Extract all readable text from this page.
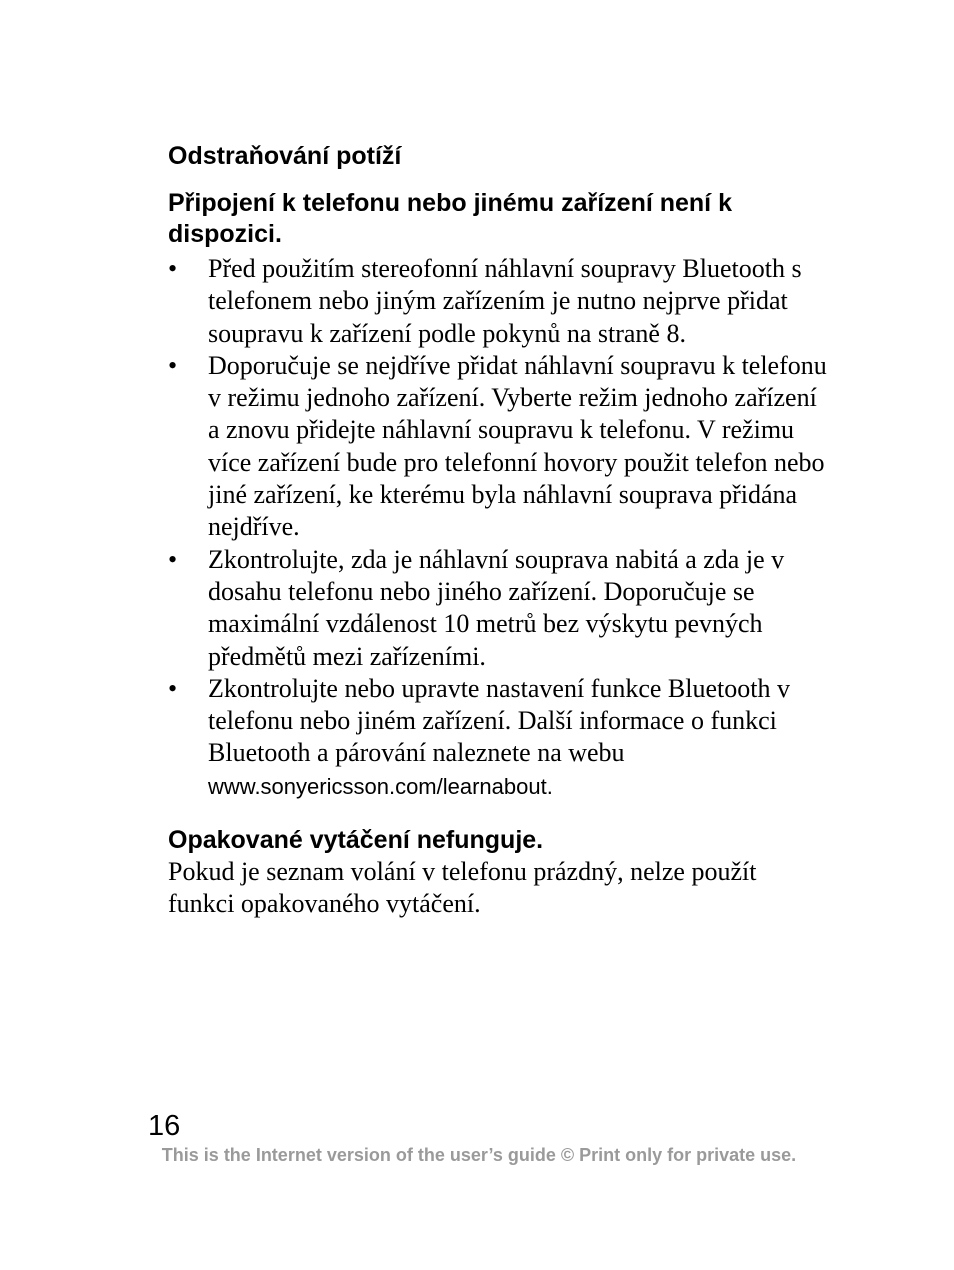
Odstraňování potíží
Připojení k telefonu nebo jinému zařízení není k dispozici.
• Před použitím stereofonní náhlavní soupravy Bluetooth s telefonem nebo jiným zařízením je nutno nejprve přidat soupravu k zařízení podle pokynů na straně 8.
• Doporučuje se nejdříve přidat náhlavní soupravu k telefonu v režimu jednoho zařízení. Vyberte režim jednoho zařízení a znovu přidejte náhlavní soupravu k telefonu. V režimu více zařízení bude pro telefonní hovory použit telefon nebo jiné zařízení, ke kterému byla náhlavní souprava přidána nejdříve.
• Zkontrolujte, zda je náhlavní souprava nabitá a zda je v dosahu telefonu nebo jiného zařízení. Doporučuje se maximální vzdálenost 10 metrů bez výskytu pevných předmětů mezi zařízeními.
• Zkontrolujte nebo upravte nastavení funkce Bluetooth v telefonu nebo jiném zařízení. Další informace o funkci Bluetooth a párování naleznete na webu www.sonyericsson.com/learnabout.
Opakované vytáčení nefunguje.

Pokud je seznam volání v telefonu prázdný, nelze použít funkci opakovaného vytáčení.

16
This is the Internet version of the user’s guide © Print only for private use.
